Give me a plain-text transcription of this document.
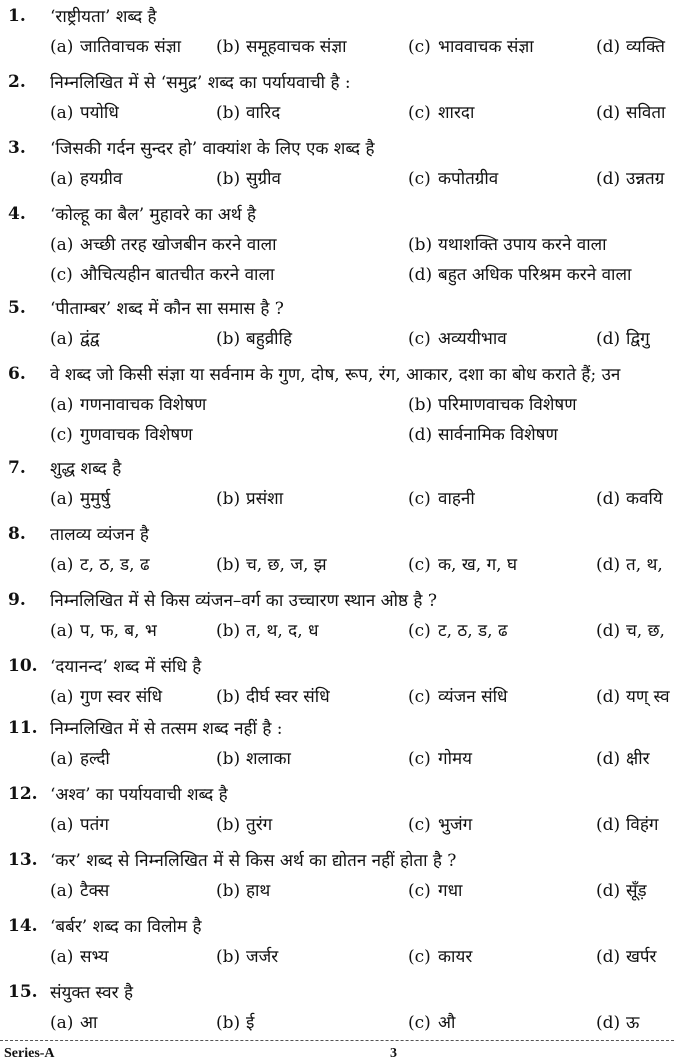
1. ‘राष्ट्रीयता’ शब्द है
(a) जातिवाचक संज्ञा (b) समूहवाचक संज्ञा	(c) भाववाचक संज्ञा	(d) व्यक्ति
2. निम्नलिखित में से ‘समुद्र’ शब्द का पर्यायवाची है :
(a) पयोधि	(b) वारिद	(c) शारदा	(d) सविता
3. ‘जिसकी गर्दन सुन्दर हो’ वाक्यांश के लिए एक शब्द है
(a) हयग्रीव	(b) सुग्रीव	(c) कपोतग्रीव	(d) उन्नतग्र
4. ‘कोल्हू का बैल’ मुहावरे का अर्थ है
(a) अच्छी तरह खोजबीन करने वाला	(b) यथाशक्ति उपाय करने वाला
(c) औचित्यहीन बातचीत करने वाला	(d) बहुत अधिक परिश्रम करने वाला
5. ‘पीताम्बर’ शब्द में कौन सा समास है ?
(a) द्वंद्व	(b) बहुव्रीहि	(c) अव्ययीभाव	(d) द्विगु
6. वे शब्द जो किसी संज्ञा या सर्वनाम के गुण, दोष, रूप, रंग, आकार, दशा का बोध कराते हैं; उन
(a) गणनावाचक विशेषण	(b) परिमाणवाचक विशेषण
(c) गुणवाचक विशेषण	(d) सार्वनामिक विशेषण
7. शुद्ध शब्द है
(a) मुमुर्षु	(b) प्रसंशा	(c) वाहनी	(d) कवयि
8. तालव्य व्यंजन है
(a) ट, ठ, ड, ढ	(b) च, छ, ज, झ	(c) क, ख, ग, घ	(d) त, थ,
9. निम्नलिखित में से किस व्यंजन–वर्ग का उच्चारण स्थान ओष्ठ है ?
(a) प, फ, ब, भ	(b) त, थ, द, ध	(c) ट, ठ, ड, ढ	(d) च, छ,
10. ‘दयानन्द’ शब्द में संधि है
(a) गुण स्वर संधि	(b) दीर्घ स्वर संधि	(c) व्यंजन संधि	(d) यण् स्व
11. निम्नलिखित में से तत्सम शब्द नहीं है :
(a) हल्दी	(b) शलाका	(c) गोमय	(d) क्षीर
12. ‘अश्व’ का पर्यायवाची शब्द है
(a) पतंग	(b) तुरंग	(c) भुजंग	(d) विहंग
13. ‘कर’ शब्द से निम्नलिखित में से किस अर्थ का द्योतन नहीं होता है ?
(a) टैक्स	(b) हाथ	(c) गधा	(d) सूँड़
14. ‘बर्बर’ शब्द का विलोम है
(a) सभ्य	(b) जर्जर	(c) कायर	(d) खर्पर
15. संयुक्त स्वर है
(a) आ	(b) ई	(c) औ	(d) ऊ
Series-A	3
